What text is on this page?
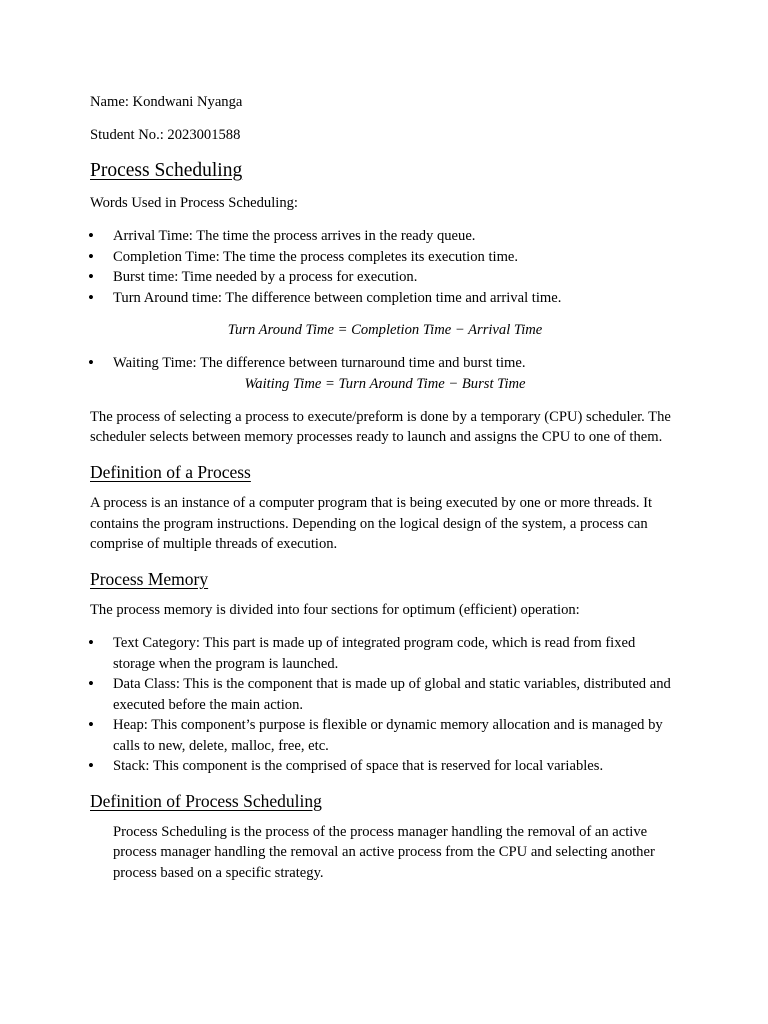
Name: Kondwani Nyanga

Student No.: 2023001588

Process Scheduling

Words Used in Process Scheduling:

• Arrival Time: The time the process arrives in the ready queue.
• Completion Time: The time the process completes its execution time.
• Burst time: Time needed by a process for execution.
• Turn Around time: The difference between completion time and arrival time.

Turn Around Time = Completion Time − Arrival Time

• Waiting Time: The difference between turnaround time and burst time.

Waiting Time = Turn Around Time − Burst Time

The process of selecting a process to execute/preform is done by a temporary (CPU) scheduler. The scheduler selects between memory processes ready to launch and assigns the CPU to one of them.

Definition of a Process

A process is an instance of a computer program that is being executed by one or more threads. It contains the program instructions. Depending on the logical design of the system, a process can comprise of multiple threads of execution.

Process Memory

The process memory is divided into four sections for optimum (efficient) operation:

• Text Category: This part is made up of integrated program code, which is read from fixed storage when the program is launched.
• Data Class: This is the component that is made up of global and static variables, distributed and executed before the main action.
• Heap: This component’s purpose is flexible or dynamic memory allocation and is managed by calls to new, delete, malloc, free, etc.
• Stack: This component is the comprised of space that is reserved for local variables.
Definition of Process Scheduling

Process Scheduling is the process of the process manager handling the removal of an active process manager handling the removal an active process from the CPU and selecting another process based on a specific strategy.
